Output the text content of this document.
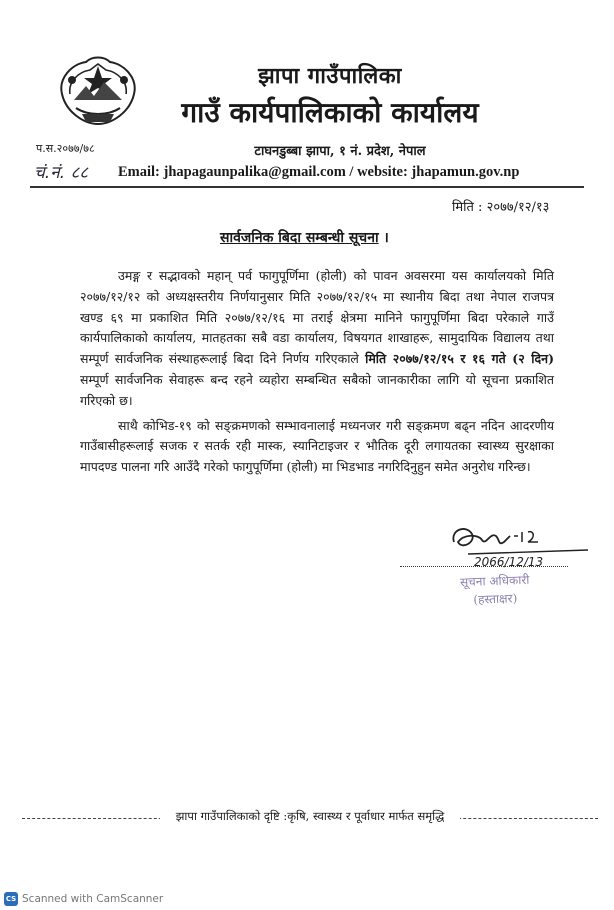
झापा गाउँपालिका
गाउँ कार्यपालिकाको कार्यालय
प.स.२०७७/७८	टाघनडुब्बा झापा, १ नं. प्रदेश, नेपाल
चं.नं. ८८ Email: jhapagaunpalika@gmail.com / website: jhapamun.gov.np
मिति : २०७७/१२/१३
सार्वजनिक बिदा सम्बन्धी सूचना ।

उमङ्ग र सद्भावको महान् पर्व फागुपूर्णिमा (होली) को पावन अवसरमा यस कार्यालयको मिति २०७७/१२/१२ को अध्यक्षस्तरीय निर्णयानुसार मिति २०७७/१२/१५ मा स्थानीय बिदा तथा नेपाल राजपत्र खण्ड ६९ मा प्रकाशित मिति २०७७/१२/१६ मा तराई क्षेत्रमा मानिने फागुपूर्णिमा बिदा परेकाले गाउँ कार्यपालिकाको कार्यालय, मातहतका सबै वडा कार्यालय, विषयगत शाखाहरू, सामुदायिक विद्यालय तथा सम्पूर्ण सार्वजनिक संस्थाहरूलाई बिदा दिने निर्णय गरिएकाले मिति २०७७/१२/१५ र १६ गते (२ दिन) सम्पूर्ण सार्वजनिक सेवाहरू बन्द रहने व्यहोरा सम्बन्धित सबैको जानकारीका लागि यो सूचना प्रकाशित गरिएको छ।

साथै कोभिड-१९ को सङ्क्रमणको सम्भावनालाई मध्यनजर गरी सङ्क्रमण बढ्न नदिन आदरणीय गाउँबासीहरूलाई सजक र सतर्क रही मास्क, स्यानिटाइजर र भौतिक दूरी लगायतका स्वास्थ्य सुरक्षाका मापदण्ड पालना गरि आउँदै गरेको फागुपूर्णिमा (होली) मा भिडभाड नगरिदिनुहुन समेत अनुरोध गरिन्छ।

2066/12/13
सूचना अधिकारी
(हस्ताक्षर)
झापा गाउँपालिकाको दृष्टि :कृषि, स्वास्थ्य र पूर्वाधार मार्फत समृद्धि
CS Scanned with CamScanner
